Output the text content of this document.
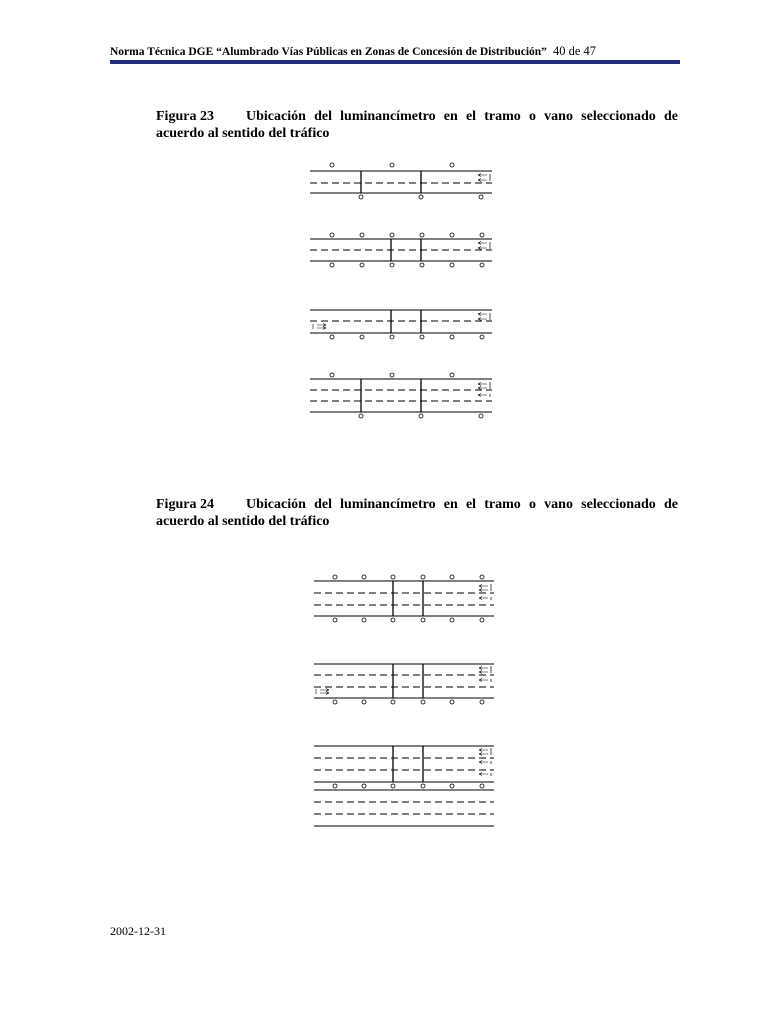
Norma Técnica DGE “Alumbrado Vías Públicas en Zonas de Concesión de Distribución” 40 de 47
Figura 23 Ubicación del luminancímetro en el tramo o vano seleccionado de acuerdo al sentido del tráfico
Figura 24 Ubicación del luminancímetro en el tramo o vano seleccionado de acuerdo al sentido del tráfico
2002-12-31
